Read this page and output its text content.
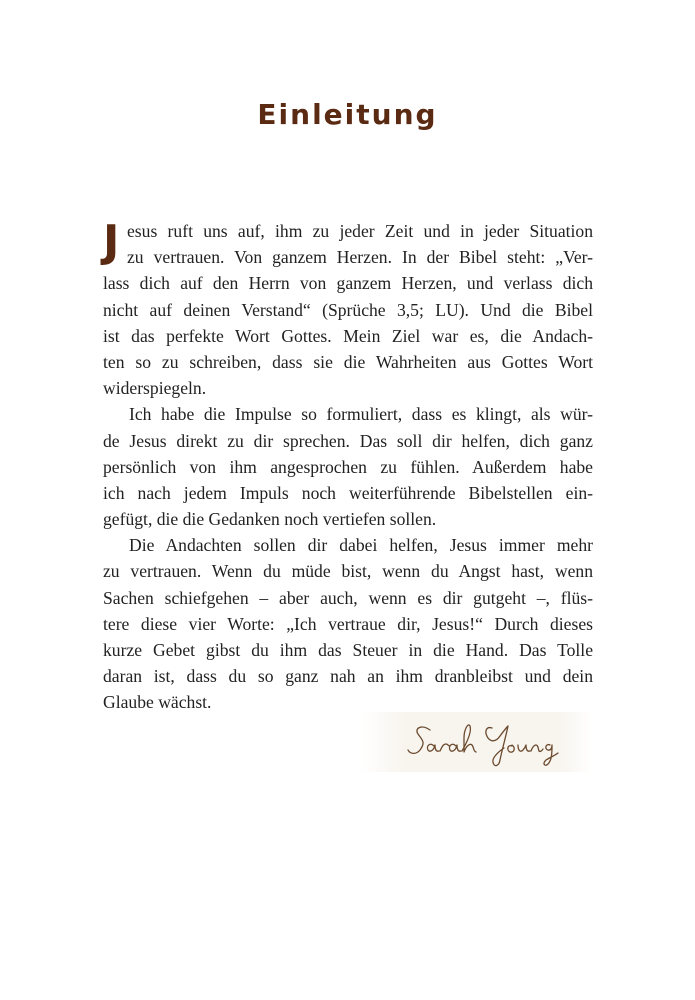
Einleitung
J esus ruft uns auf, ihm zu jeder Zeit und in jeder Situation
zu vertrauen. Von ganzem Herzen. In der Bibel steht: „Ver-
lass dich auf den Herrn von ganzem Herzen, und verlass dich
nicht auf deinen Verstand“ (Sprüche 3,5; LU). Und die Bibel
ist das perfekte Wort Gottes. Mein Ziel war es, die Andach-
ten so zu schreiben, dass sie die Wahrheiten aus Gottes Wort
widerspiegeln.
Ich habe die Impulse so formuliert, dass es klingt, als wür-
de Jesus direkt zu dir sprechen. Das soll dir helfen, dich ganz
persönlich von ihm angesprochen zu fühlen. Außerdem habe
ich nach jedem Impuls noch weiterführende Bibelstellen ein-
gefügt, die die Gedanken noch vertiefen sollen.
Die Andachten sollen dir dabei helfen, Jesus immer mehr
zu vertrauen. Wenn du müde bist, wenn du Angst hast, wenn
Sachen schiefgehen – aber auch, wenn es dir gutgeht –, flüs-
tere diese vier Worte: „Ich vertraue dir, Jesus!“ Durch dieses
kurze Gebet gibst du ihm das Steuer in die Hand. Das Tolle
daran ist, dass du so ganz nah an ihm dranbleibst und dein
Glaube wächst.
